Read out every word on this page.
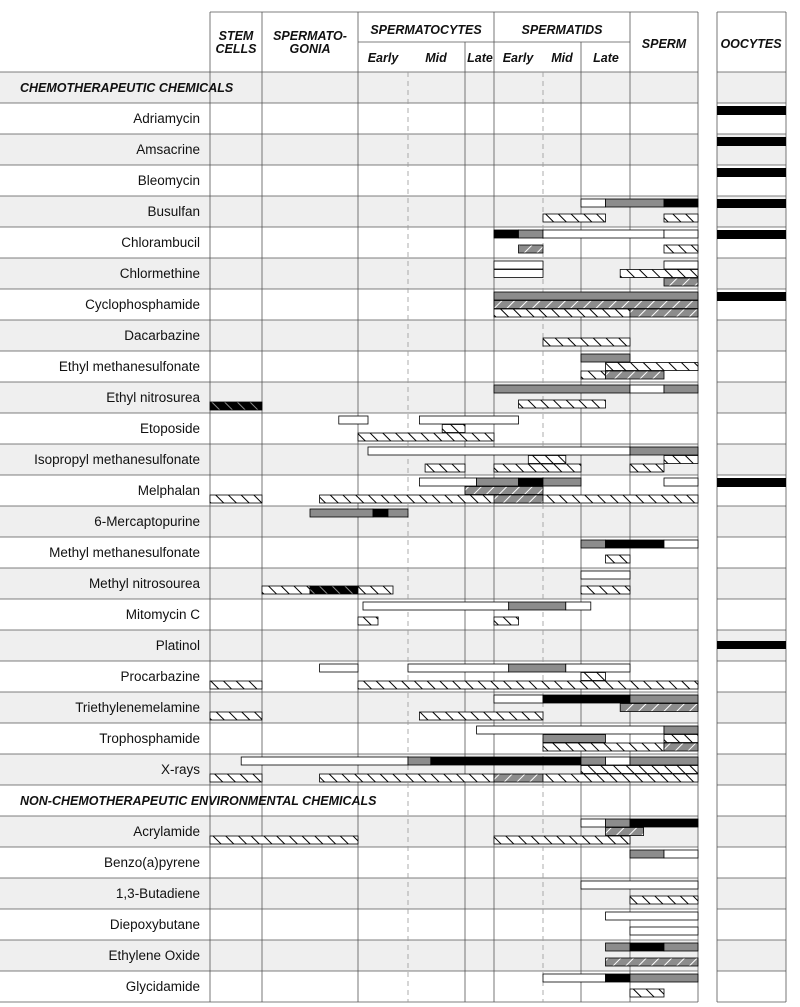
STEM
CELLS
SPERMATO-
GONIA
SPERMATOCYTES	SPERMATIDS
SPERM	OOCYTES
Early Mid Late Early Mid Late
CHEMOTHERAPEUTIC CHEMICALS
NON-CHEMOTHERAPEUTIC ENVIRONMENTAL CHEMICALS
Adriamycin
Amsacrine
Bleomycin
Busulfan
Chlorambucil
Chlormethine
Cyclophosphamide
Dacarbazine
Ethyl methanesulfonate
Ethyl nitrosurea
Etoposide
Isopropyl methanesulfonate
Melphalan
6-Mercaptopurine
Methyl methanesulfonate
Methyl nitrosourea
Mitomycin C
Platinol
Procarbazine
Triethylenemelamine
Trophosphamide
X-rays
Acrylamide
Benzo(a)pyrene
1,3-Butadiene
Diepoxybutane
Ethylene Oxide
Glycidamide
